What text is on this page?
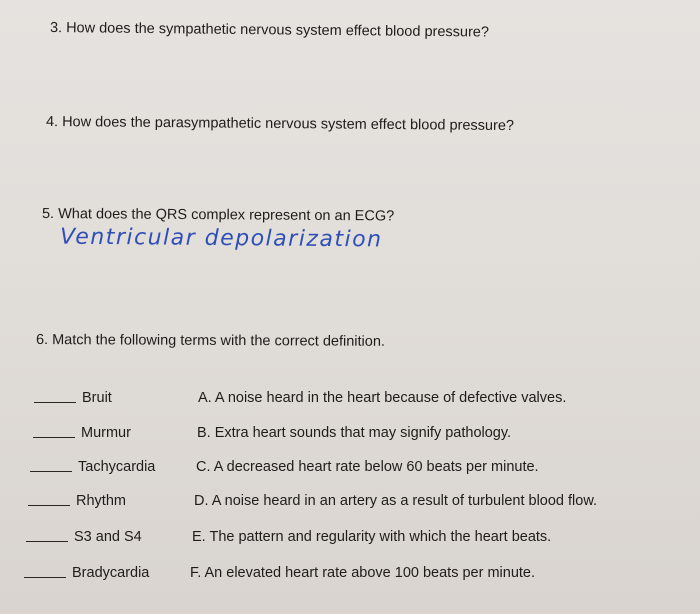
3. How does the sympathetic nervous system effect blood pressure?
4. How does the parasympathetic nervous system effect blood pressure?
5. What does the QRS complex represent on an ECG?
Ventricular depolarization
6. Match the following terms with the correct definition.
Bruit	A. A noise heard in the heart because of defective valves.
Murmur	B. Extra heart sounds that may signify pathology.
Tachycardia	C. A decreased heart rate below 60 beats per minute.
Rhythm	D. A noise heard in an artery as a result of turbulent blood flow.
S3 and S4	E. The pattern and regularity with which the heart beats.
Bradycardia	F. An elevated heart rate above 100 beats per minute.
